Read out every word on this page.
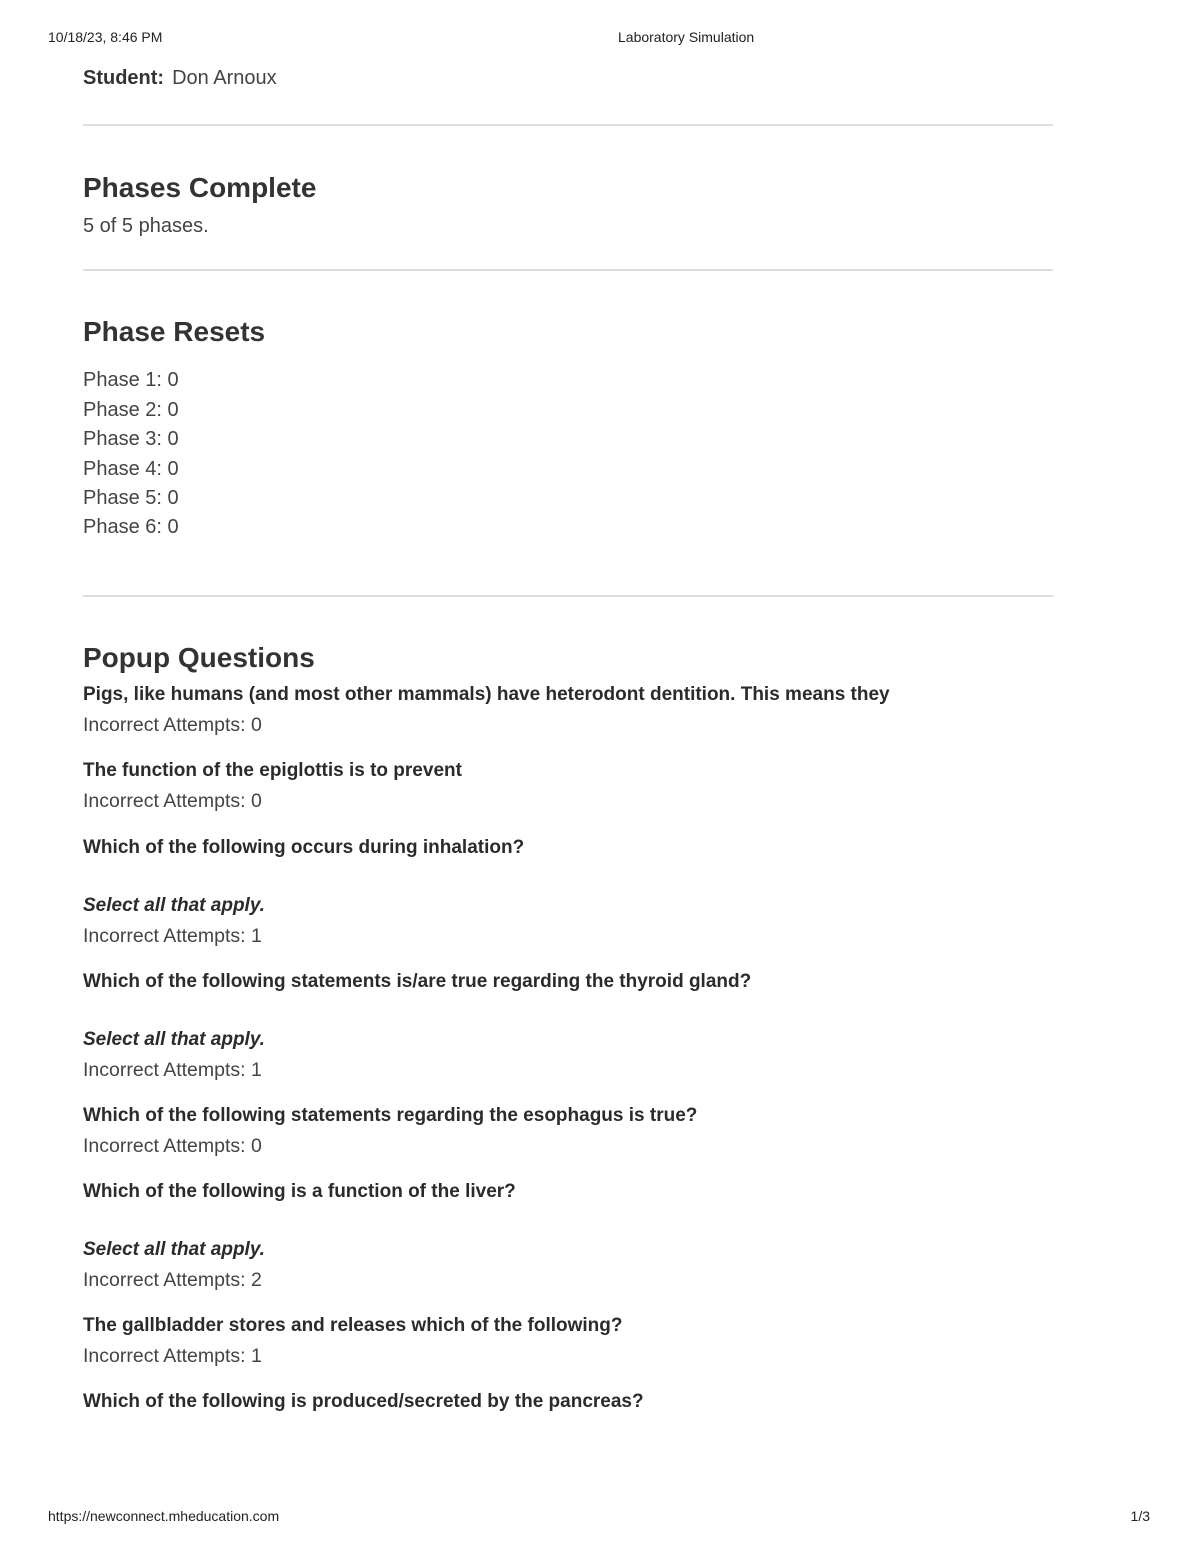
10/18/23, 8:46 PM	Laboratory Simulation
Student: Don Arnoux
Phases Complete
5 of 5 phases.
Phase Resets
Phase 1: 0
Phase 2: 0
Phase 3: 0
Phase 4: 0
Phase 5: 0
Phase 6: 0
Popup Questions
Pigs, like humans (and most other mammals) have heterodont dentition. This means they
Incorrect Attempts: 0
The function of the epiglottis is to prevent
Incorrect Attempts: 0
Which of the following occurs during inhalation?
Select all that apply.
Incorrect Attempts: 1
Which of the following statements is/are true regarding the thyroid gland?
Select all that apply.
Incorrect Attempts: 1
Which of the following statements regarding the esophagus is true?
Incorrect Attempts: 0
Which of the following is a function of the liver?
Select all that apply.
Incorrect Attempts: 2
The gallbladder stores and releases which of the following?
Incorrect Attempts: 1
Which of the following is produced/secreted by the pancreas?
https://newconnect.mheducation.com	1/3
